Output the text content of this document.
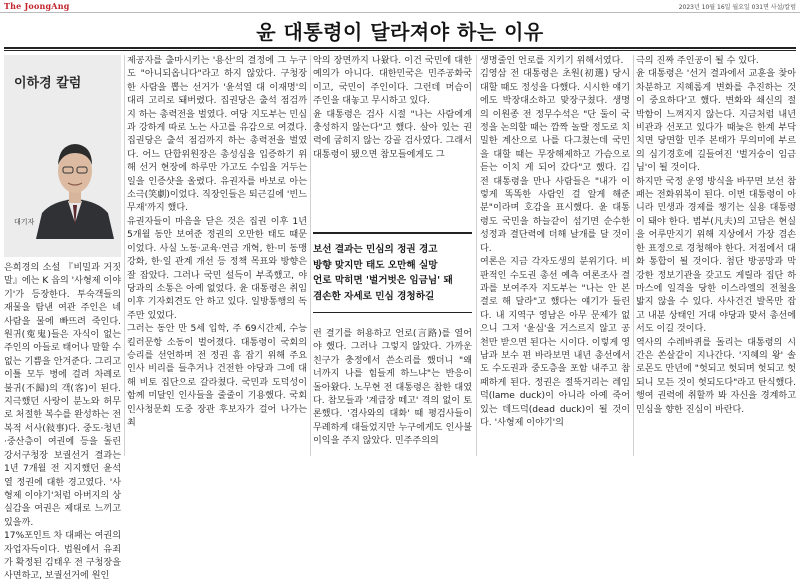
The JoongAng	2023년 10월 16일 월요일 031면 사설/칼럼
윤 대통령이 달라져야 하는 이유
이하경 칼럼
대기자

은희경의 소설 『비밀과 거짓말』에는 K 읍의 '사형제 이야기'가 등장한다. 투숙객들의 재물을 탐낸 여관 주인은 네 사람을 물에 빠뜨려 죽인다. 원귀(寃鬼)들은 자식이 없는 주인의 아들로 태어나 말할 수 없는 기쁨을 안겨준다. 그리고 이틀 모두 병에 걸려 차례로 불귀(不歸)의 객(客)이 된다. 지극했던 사랑이 분노와 허무로 처절한 복수를 완성하는 전복적 서사(敍事)다. 중도·청년·중산층이 여권에 등을 돌린 강서구청장 보궐선거 결과는 1년 7개월 전 지지했던 윤석열 정권에 대한 경고였다. '사형제 이야기'처럼 아버지의 상실감을 여권은 제대로 느끼고 있을까.
17%포인트 차 대패는 여권의 자업자득이다. 법원에서 유죄가 확정된 김태우 전 구청장을 사면하고, 보궐선거에 원인

제공자를 출마시키는 '용산'의 결정에 그 누구도 "아니되옵니다"라고 하지 않았다. 구청장 한 사람을 뽑는 선거가 '윤석열 대 이재명'의 대리 고리로 돼버렸다. 집권당은 출석 점검까지 하는 총력전을 벌였다. 여당 지도부는 민심과 강하게 따로 노는 사고를 유감으로 여겼다. 집권당은 출석 점검까지 하는 총력전을 벌였다. 어느 단합위원장은 총성심을 입증하기 위해 선거 현장에 하루만 가고도 수입을 거두는 일을 인증샷을 올렸다. 유권자를 바보로 아는 소극(笑劇)이었다. 직장인들은 퇴근길에 '빈느무재'까지 했다.
유권자들이 마음을 닫은 것은 집권 이후 1년 5개월 동안 보여준 정권의 오만한 태도 때문이었다. 사실 노동·교육·연금 개혁, 한·미 동맹 강화, 한·일 관계 개선 등 정책 목표와 방향은 잘 잡았다. 그러나 국민 설득이 부족했고, 야당과의 소통은 아예 없었다. 윤 대통령은 취임 이후 기자회견도 안 하고 있다. 일방통행의 독주만 있었다.
그러는 동안 만 5세 입학, 주 69시간제, 수능 킬러문항 소동이 벌어졌다. 대통령이 국회의 승리를 선언하며 전 정권 흠 잡기 위해 주요 인사 비리를 들추거나 건전한 야당과 그에 대해 비토 집단으로 갈라쳤다. 국민과 도덕성이 함께 미달인 인사들을 줄줄이 기용했다. 국회 인사청문회 도중 장관 후보자가 걸어 나가는 최

악의 장면까지 나왔다. 이건 국민에 대한 예의가 아니다. 대한민국은 민주공화국이고, 국민이 주인이다. 그런데 머슴이 주인을 대놓고 무시하고 있다.
윤 대통령은 검사 시절 "나는 사람에게 충성하지 않는다"고 했다. 살아 있는 권력에 굽히지 않는 강골 검사였다. 그래서 대통령이 됐으면 참모들에게도 그

보선 결과는 민심의 정권 경고
방향 맞지만 태도 오만해 실망
언로 막히면 '벌거벗은 임금님' 돼
겸손한 자세로 민심 경청하길

런 결기를 허용하고 언로(言路)를 열어야 했다. 그러나 그렇지 않았다. 가까운 친구가 충정에서 쓴소리를 했더니 "왜 너까지 나를 힘들게 하느냐"는 반응이 돌아왔다. 노무현 전 대통령은 참한 대였다. 참모들과 '계급장 떼고' 격의 없이 토론했다. '겸사와의 대화' 때 평검사들이 무례하게 대들었지만 누구에게도 인사불이익을 주지 않았다. 민주주의의

생명줄인 언로를 지키기 위해서였다.
김영삼 전 대통령은 초원(初選) 당시 대할 때도 정성을 다했다. 시시한 얘기에도 박장대소하고 맞장구쳤다. 생명의 이원종 전 정무수석은 "단 둘이 국정을 논의할 때는 깜짝 놀랄 정도로 치밀한 계산으로 나를 다그쳤는데 국민을 대할 때는 무장해제하고 가슴으로 듣는 이치 게 되어 갔다"고 했다. 김 전 대통령을 만나 사람들은 "내가 이렇게 똑똑한 사람인 걸 알게 해준 분"이라며 호감을 표시했다. 윤 대통령도 국민을 하늘같이 섬기면 순수한 성정과 결단력에 더해 날개를 달 것이다.
여론은 지금 각자도생의 분위기다. 비판적인 수도권 총선 예측 여론조사 결과를 보여주자 지도부는 "나는 안 본 결로 해 달라"고 했다는 얘기가 들린다. 내 지역구 영남은 아무 문제가 없으니 그저 '윤심'을 거스르지 않고 공천만 받으면 된다는 시이다. 이렇게 영남과 보수 편 바라보면 내년 총선에서도 수도권과 중도층을 포함 내주고 참패하게 된다. 정권은 절뚝거리는 레임덕(lame duck)이 아니라 아예 죽어 있는 데드덕(dead duck)이 될 것이다. '사형제 이야기'의

극의 진짜 주인공이 될 수 있다.
윤 대통령은 '선거 결과에서 교훈을 찾아 차분하고 지혜롭게 변화를 추진하는 것이 중요하다'고 했다. 변화와 쇄신의 절박함이 느껴지지 않는다. 지금처럼 내년 비관과 선포고 있다가 때늦은 한계 부닥치면 당면할 민주 본태가 무의미에 부르의 심기경호에 길들여진 '벌거숭이 임금님'이 될 것이다.
하지만 국정 운영 방식을 바꾸면 보선 참패는 전화위복이 된다. 이번 대통령이 아니라 민생과 경제를 챙기는 실용 대통령이 돼야 한다. 범부(凡夫)의 고담은 현실을 어루만지기 위해 지상에서 가장 겸손한 표정으로 경청해야 한다. 저점에서 대화 통합이 될 것이다. 첨단 방공망과 막강한 정보기관을 갖고도 게릴라 집단 하마스에 일격을 당한 이스라엘의 전철을 밟지 않을 수 있다. 사사건건 발목만 잡고 내분 상태인 거대 야당과 맞서 총선에서도 이길 것이다.
역사의 수레바퀴를 돌리는 대통령의 시간은 쏜살같이 지나간다. '지혜의 왕' 솔로몬도 만년에 "헛되고 헛되며 헛되고 헛되니 모든 것이 헛되도다"라고 탄식했다. 행여 권력에 취할까 봐 자신을 경계하고 민심을 향한 진심이 바란다.
